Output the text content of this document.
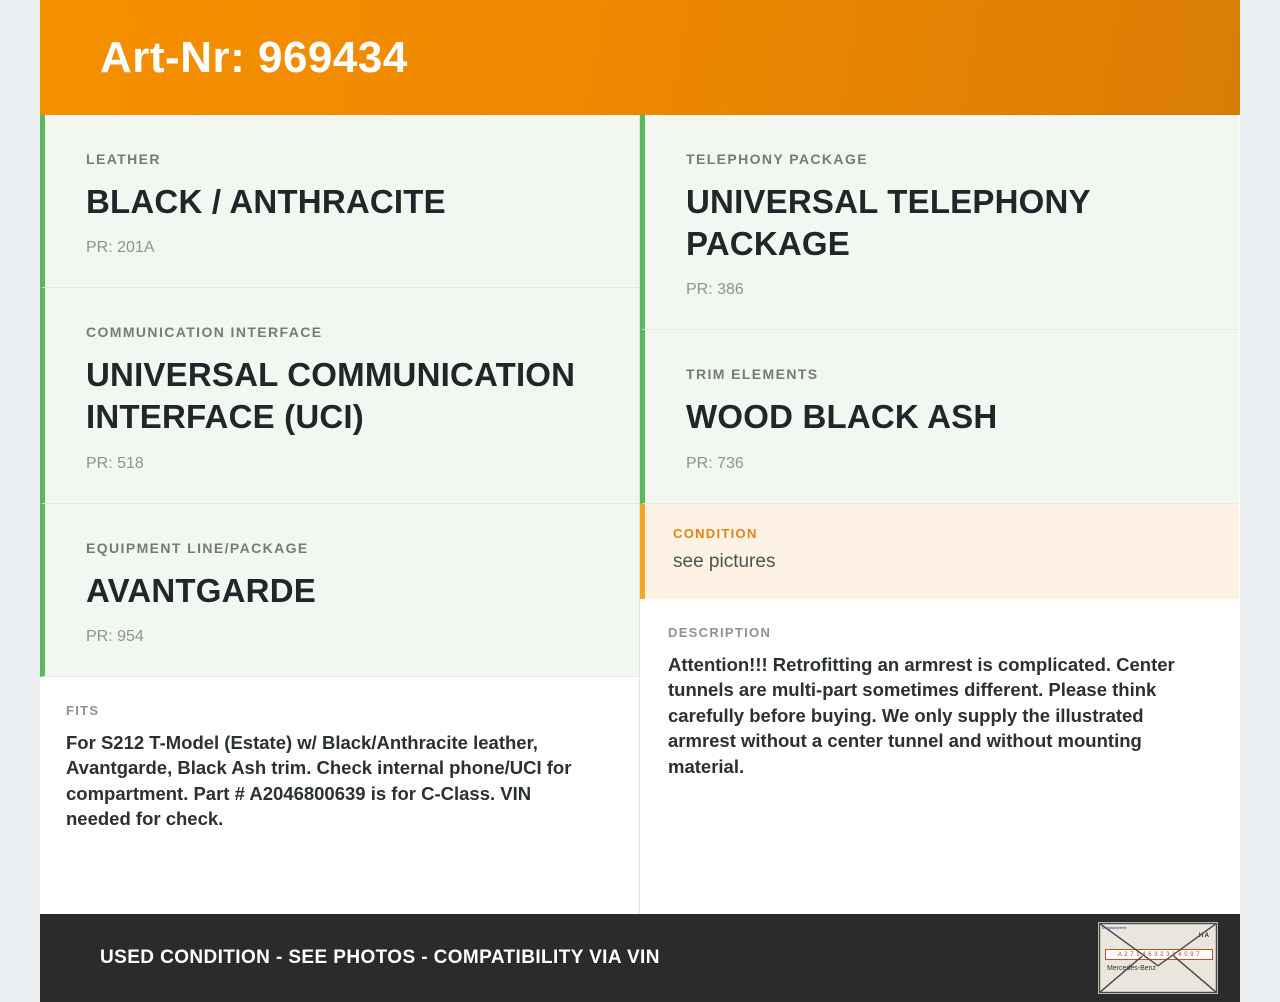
Art-Nr: 969434
LEATHER
BLACK / ANTHRACITE
PR: 201A
COMMUNICATION INTERFACE
UNIVERSAL COMMUNICATION INTERFACE (UCI)
PR: 518
EQUIPMENT LINE/PACKAGE
AVANTGARDE
PR: 954
FITS
For S212 T-Model (Estate) w/ Black/Anthracite leather, Avantgarde, Black Ash trim. Check internal phone/UCI for compartment. Part # A2046800639 is for C-Class. VIN needed for check.
TELEPHONY PACKAGE
UNIVERSAL TELEPHONY PACKAGE
PR: 386
TRIM ELEMENTS
WOOD BLACK ASH
PR: 736
CONDITION
see pictures
DESCRIPTION
Attention!!! Retrofitting an armrest is complicated. Center tunnels are multi-part sometimes different. Please think carefully before buying. We only supply the illustrated armrest without a center tunnel and without mounting material.
USED CONDITION - SEE PHOTOS - COMPATIBILITY VIA VIN
Vorgabewerte
H A
A 2 7 1 4 6 3 2 3 1 4 0 9 7
Mercedes-Benz
